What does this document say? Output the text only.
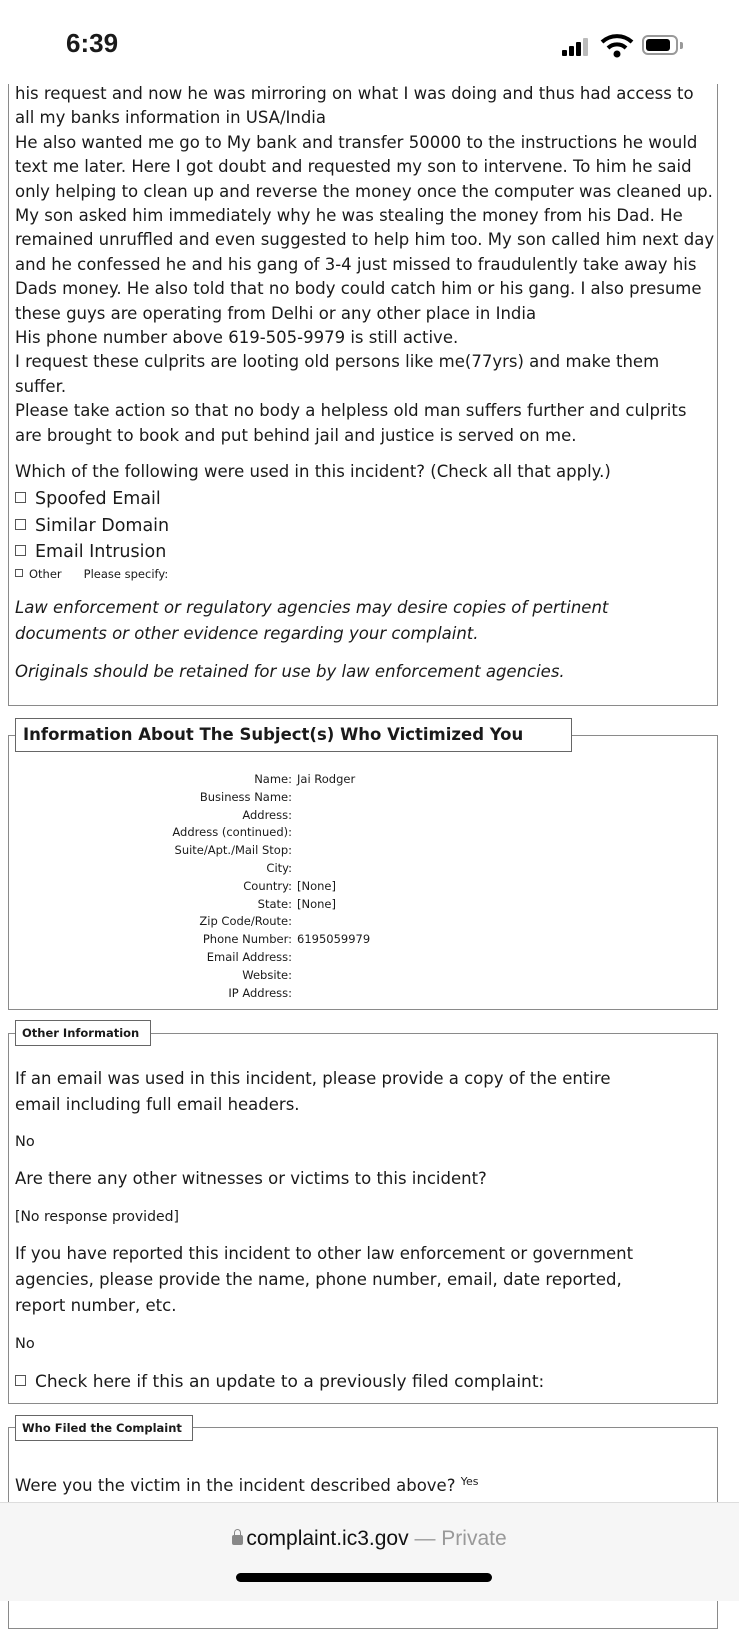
6:39
his request and now he was mirroring on what I was doing and thus had access to
all my banks information in USA/India
He also wanted me go to My bank and transfer 50000 to the instructions he would
text me later. Here I got doubt and requested my son to intervene. To him he said
only helping to clean up and reverse the money once the computer was cleaned up.
My son asked him immediately why he was stealing the money from his Dad. He
remained unruffled and even suggested to help him too. My son called him next day
and he confessed he and his gang of 3-4 just missed to fraudulently take away his
Dads money. He also told that no body could catch him or his gang. I also presume
these guys are operating from Delhi or any other place in India
His phone number above 619-505-9979 is still active.
I request these culprits are looting old persons like me(77yrs) and make them
suffer.
Please take action so that no body a helpless old man suffers further and culprits
are brought to book and put behind jail and justice is served on me.
Which of the following were used in this incident? (Check all that apply.)
Spoofed Email
Similar Domain
Email Intrusion
Other Please specify:
Law enforcement or regulatory agencies may desire copies of pertinent
documents or other evidence regarding your complaint.
Originals should be retained for use by law enforcement agencies.
Information About The Subject(s) Who Victimized You
Name: Jai Rodger
Business Name:
Address:
Address (continued):
Suite/Apt./Mail Stop:
City:
Country: [None]
State: [None]
Zip Code/Route:
Phone Number: 6195059979
Email Address:
Website:
IP Address:
Other Information
If an email was used in this incident, please provide a copy of the entire
email including full email headers.
No
Are there any other witnesses or victims to this incident?
[No response provided]
If you have reported this incident to other law enforcement or government
agencies, please provide the name, phone number, email, date reported,
report number, etc.
No
Check here if this an update to a previously filed complaint:
Who Filed the Complaint
Were you the victim in the incident described above? $^{Yes}$
complaint.ic3.gov — Private
